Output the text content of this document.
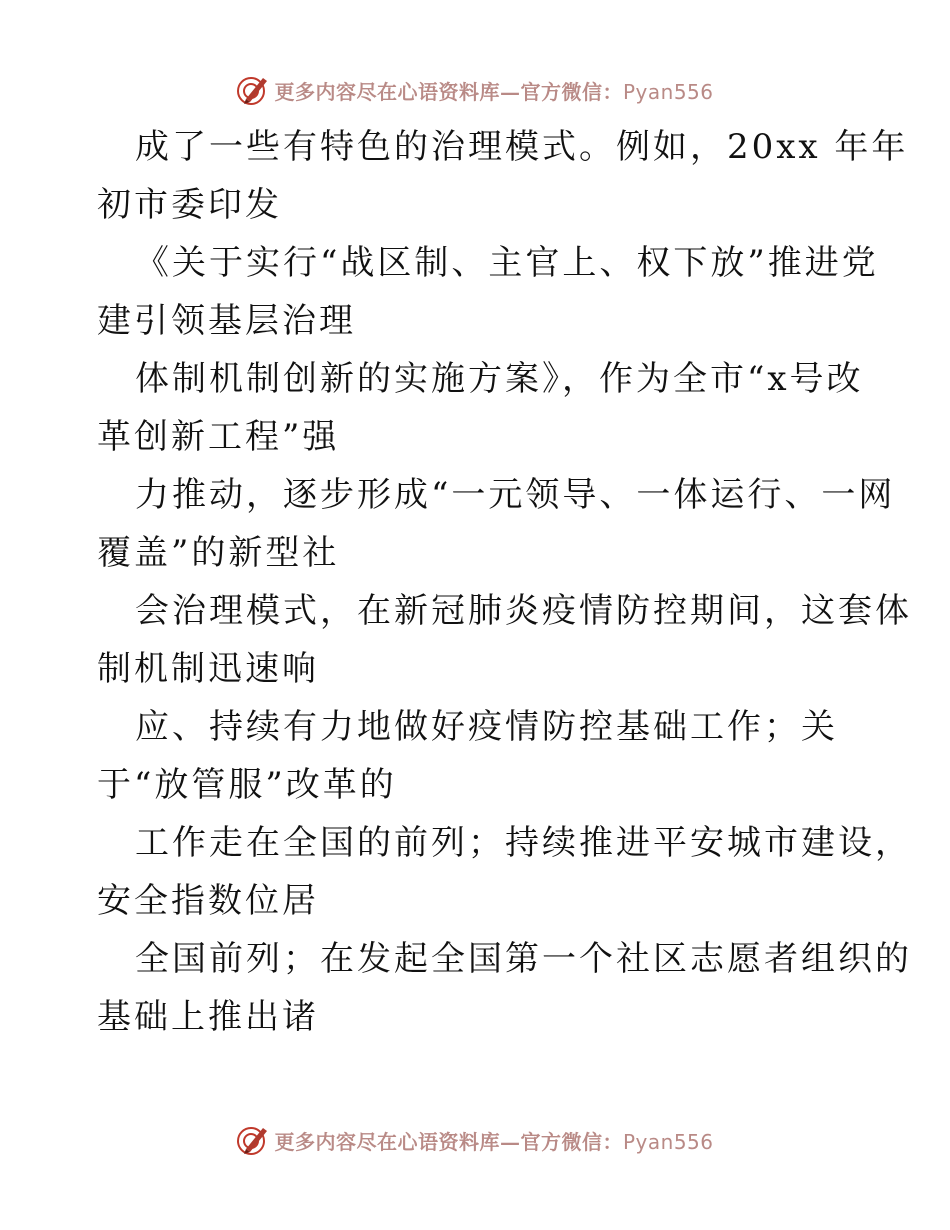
更多内容尽在心语资料库—官方微信：Pyan556

成了一些有特色的治理模式。例如，20xx 年年
初市委印发

《关于实行“战区制、主官上、权下放”推进党
建引领基层治理

体制机制创新的实施方案》，作为全市“x号改
革创新工程”强

力推动，逐步形成“一元领导、一体运行、一网
覆盖”的新型社

会治理模式，在新冠肺炎疫情防控期间，这套体
制机制迅速响

应、持续有力地做好疫情防控基础工作；关
于“放管服”改革的

工作走在全国的前列；持续推进平安城市建设，
安全指数位居

全国前列；在发起全国第一个社区志愿者组织的
基础上推出诸

更多内容尽在心语资料库—官方微信：Pyan556
